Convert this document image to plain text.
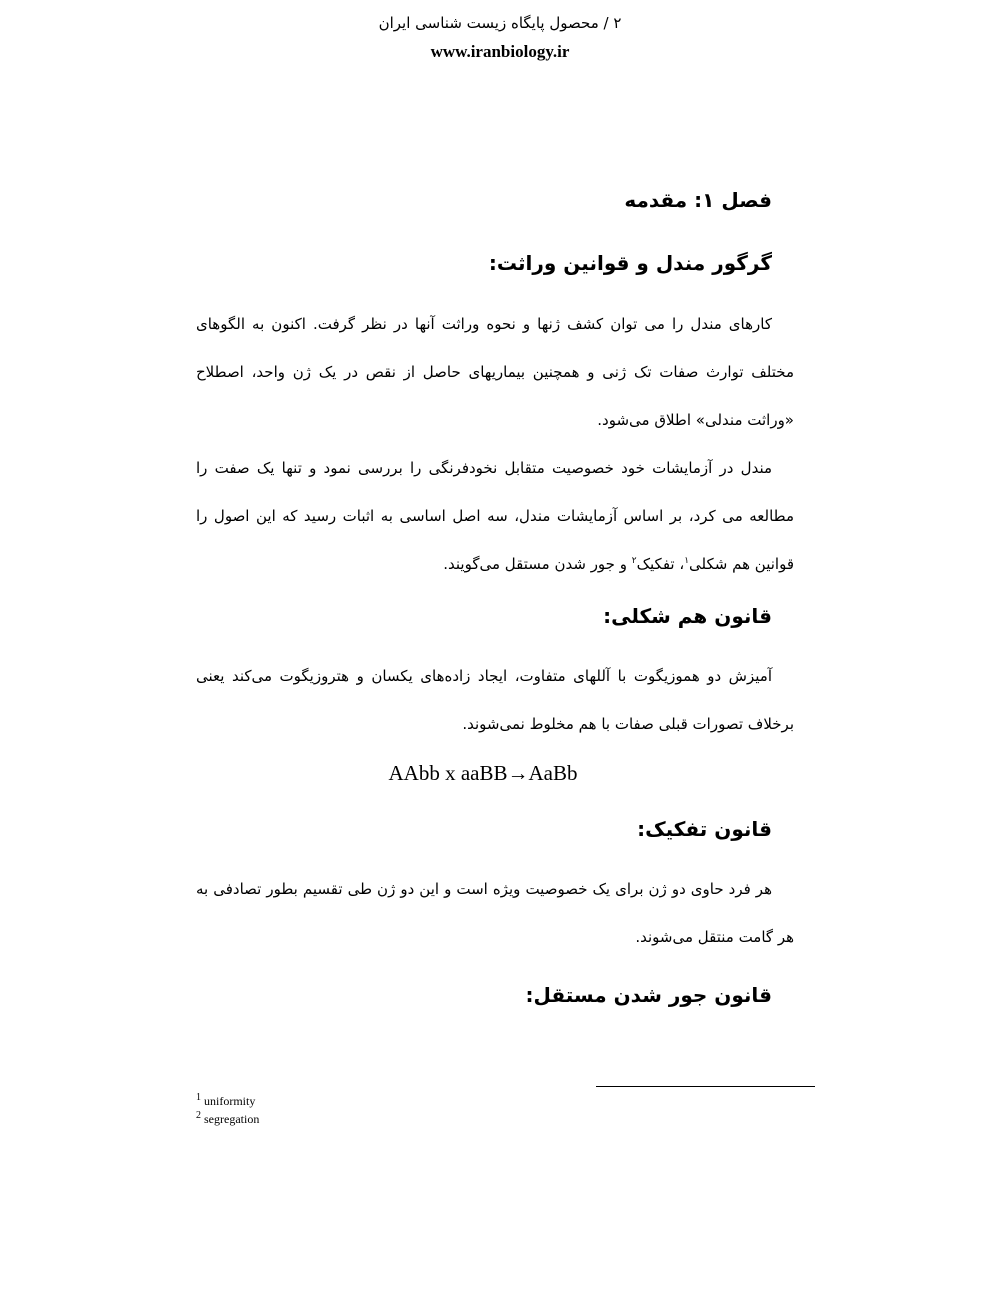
۲ / محصول پایگاه زیست شناسی ایران
www.iranbiology.ir
فصل ۱: مقدمه
گرگور مندل و قوانین وراثت:
کارهای مندل را می توان کشف ژنها و نحوه وراثت آنها در نظر گرفت. اکنون به الگوهای مختلف توارث صفات تک ژنی و همچنین بیماریهای حاصل از نقص در یک ژن واحد، اصطلاح «وراثت مندلی» اطلاق می‌شود.
مندل در آزمایشات خود خصوصیت متقابل نخودفرنگی را بررسی نمود و تنها یک صفت را مطالعه می کرد، بر اساس آزمایشات مندل، سه اصل اساسی به اثبات رسید که این اصول را قوانین هم شکلی$^۱$، تفکیک$^۲$ و جور شدن مستقل می‌گویند.
قانون هم شکلی:
آمیزش دو هموزیگوت با آللهای متفاوت، ایجاد زاده‌های یکسان و هتروزیگوت می‌کند یعنی برخلاف تصورات قبلی صفات با هم مخلوط نمی‌شوند.
AAbb x aaBB→AaBb
قانون تفکیک:
هر فرد حاوی دو ژن برای یک خصوصیت ویژه است و این دو ژن طی تقسیم بطور تصادفی به هر گامت منتقل می‌شوند.
قانون جور شدن مستقل:
$^1$ uniformity
$^2$ segregation
